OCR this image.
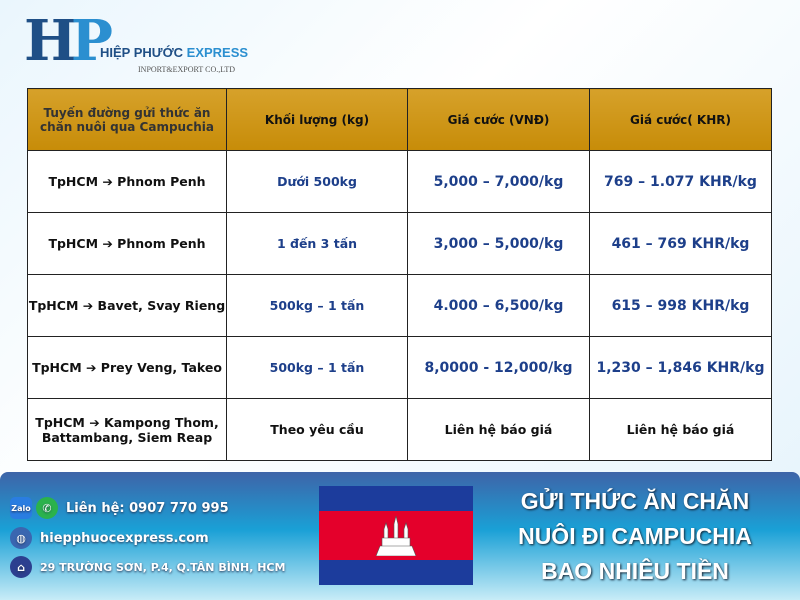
HP
HIỆP PHƯỚC EXPRESS
INPORT&EXPORT CO.,LTD
Tuyến đường gửi thức ăn chăn nuôi qua Campuchia	Khối lượng (kg)	Giá cước (VNĐ)	Giá cước( KHR)
TpHCM ➔ Phnom Penh	Dưới 500kg	5,000 – 7,000/kg	769 – 1.077 KHR/kg
TpHCM ➔ Phnom Penh	1 đến 3 tấn	3,000 – 5,000/kg	461 – 769 KHR/kg
TpHCM ➔ Bavet, Svay Rieng	500kg – 1 tấn	4.000 – 6,500/kg	615 – 998 KHR/kg
TpHCM ➔ Prey Veng, Takeo	500kg – 1 tấn	8,0000 - 12,000/kg	1,230 – 1,846 KHR/kg
TpHCM ➔ Kampong Thom, Battambang, Siem Reap	Theo yêu cầu	Liên hệ báo giá	Liên hệ báo giá
Zalo	✆	Liên hệ: 0907 770 995
◍	hiepphuocexpress.com
⌂	29 TRƯỜNG SƠN, P.4, Q.TÂN BÌNH, HCM
GỬI THỨC ĂN CHĂN
NUÔI ĐI CAMPUCHIA
BAO NHIÊU TIỀN
